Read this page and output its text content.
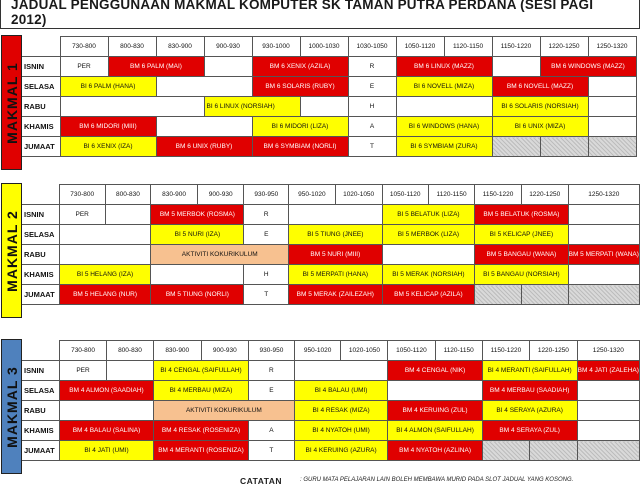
JADUAL PENGGUNAAN MAKMAL KOMPUTER SK TAMAN PUTRA PERDANA (SESI PAGI 2012)
MAKMAL 1
	730-800	800-830	830-900	900-930	930-1000	1000-1030	1030-1050	1050-1120	1120-1150	1150-1220	1220-1250	1250-1320
ISNIN	PER	BM 6 PALM (MAI)			BM 6 XENIX (AZILA)		R	BM 6 LINUX (MAZZ)			BM 6 WINDOWS (MAZZ)	
SELASA	BI 6 PALM (HANA)				BM 6 SOLARIS (RUBY)		E	BI 6 NOVELL (MIZA)		BM 6 NOVELL (MAZZ)		
RABU				BI 6 LINUX (NORSIAH)			H			BI 6 SOLARIS (NORSIAH)		
KHAMIS	BM 6 MIDORI (MIII)				BI 6 MIDORI (LIZA)		A	BI 6 WINDOWS (HANA)		BI 6 UNIX (MIZA)		
JUMAAT	BI 6 XENIX (IZA)		BM 6 UNIX (RUBY)		BM 6 SYMBIAM (NORLI)		T	BI 6 SYMBIAM (ZURA)				
MAKMAL 2
	730-800	800-830	830-900	900-930	930-950	950-1020	1020-1050	1050-1120	1120-1150	1150-1220	1220-1250	1250-1320
ISNIN	PER		BM 5 MERBOK (ROSMA)		R			BI 5 BELATUK (LIZA)		BM 5 BELATUK (ROSMA)		
SELASA			BI 5 NURI (IZA)		E	BI 5 TIUNG (JNEE)		BI 5 MERBOK (LIZA)		BI 5 KELICAP (JNEE)		
RABU			AKTIVITI KOKURIKULUM			BM 5 NURI (MIII)				BM 5 BANGAU (WANA)		BM 5 MERPATI (WANA)
KHAMIS	BI 5 HELANG (IZA)				H	BI 5 MERPATI (HANA)		BI 5 MERAK (NORSIAH)		BI 5 BANGAU (NORSIAH)		
JUMAAT	BM 5 HELANG (NUR)		BM 5 TIUNG (NORLI)		T	BM 5 MERAK (ZAILEZAH)		BM 5 KELICAP (AZILA)				
MAKMAL 3
	730-800	800-830	830-900	900-930	930-950	950-1020	1020-1050	1050-1120	1120-1150	1150-1220	1220-1250	1250-1320
ISNIN	PER		BI 4 CENGAL (SAIFULLAH)		R			BM 4 CENGAL (NIK)		BI 4 MERANTI (SAIFULLAH)		BM 4 JATI (ZALEHA)
SELASA	BM 4 ALMON (SAADIAH)		BI 4 MERBAU (MIZA)		E	BI 4 BALAU (UMI)				BM 4 MERBAU (SAADIAH)		
RABU			AKTIVITI KOKURIKULUM			BI 4 RESAK (MIZA)		BM 4 KERUING (ZUL)		BI 4 SERAYA (AZURA)		
KHAMIS	BM 4 BALAU (SALINA)		BM 4 RESAK (ROSENIZA)		A	BI 4 NYATOH (UMI)		BI 4 ALMON (SAIFULLAH)		BM 4 SERAYA (ZUL)		
JUMAAT	BI 4 JATI (UMI)		BM 4 MERANTI (ROSENIZA)		T	BI 4 KERUING (AZURA)		BM 4 NYATOH (AZLINA)				
CATATAN	: GURU MATA PELAJARAN LAIN BOLEH MEMBAWA MURID PADA SLOT JADUAL YANG KOSONG.
